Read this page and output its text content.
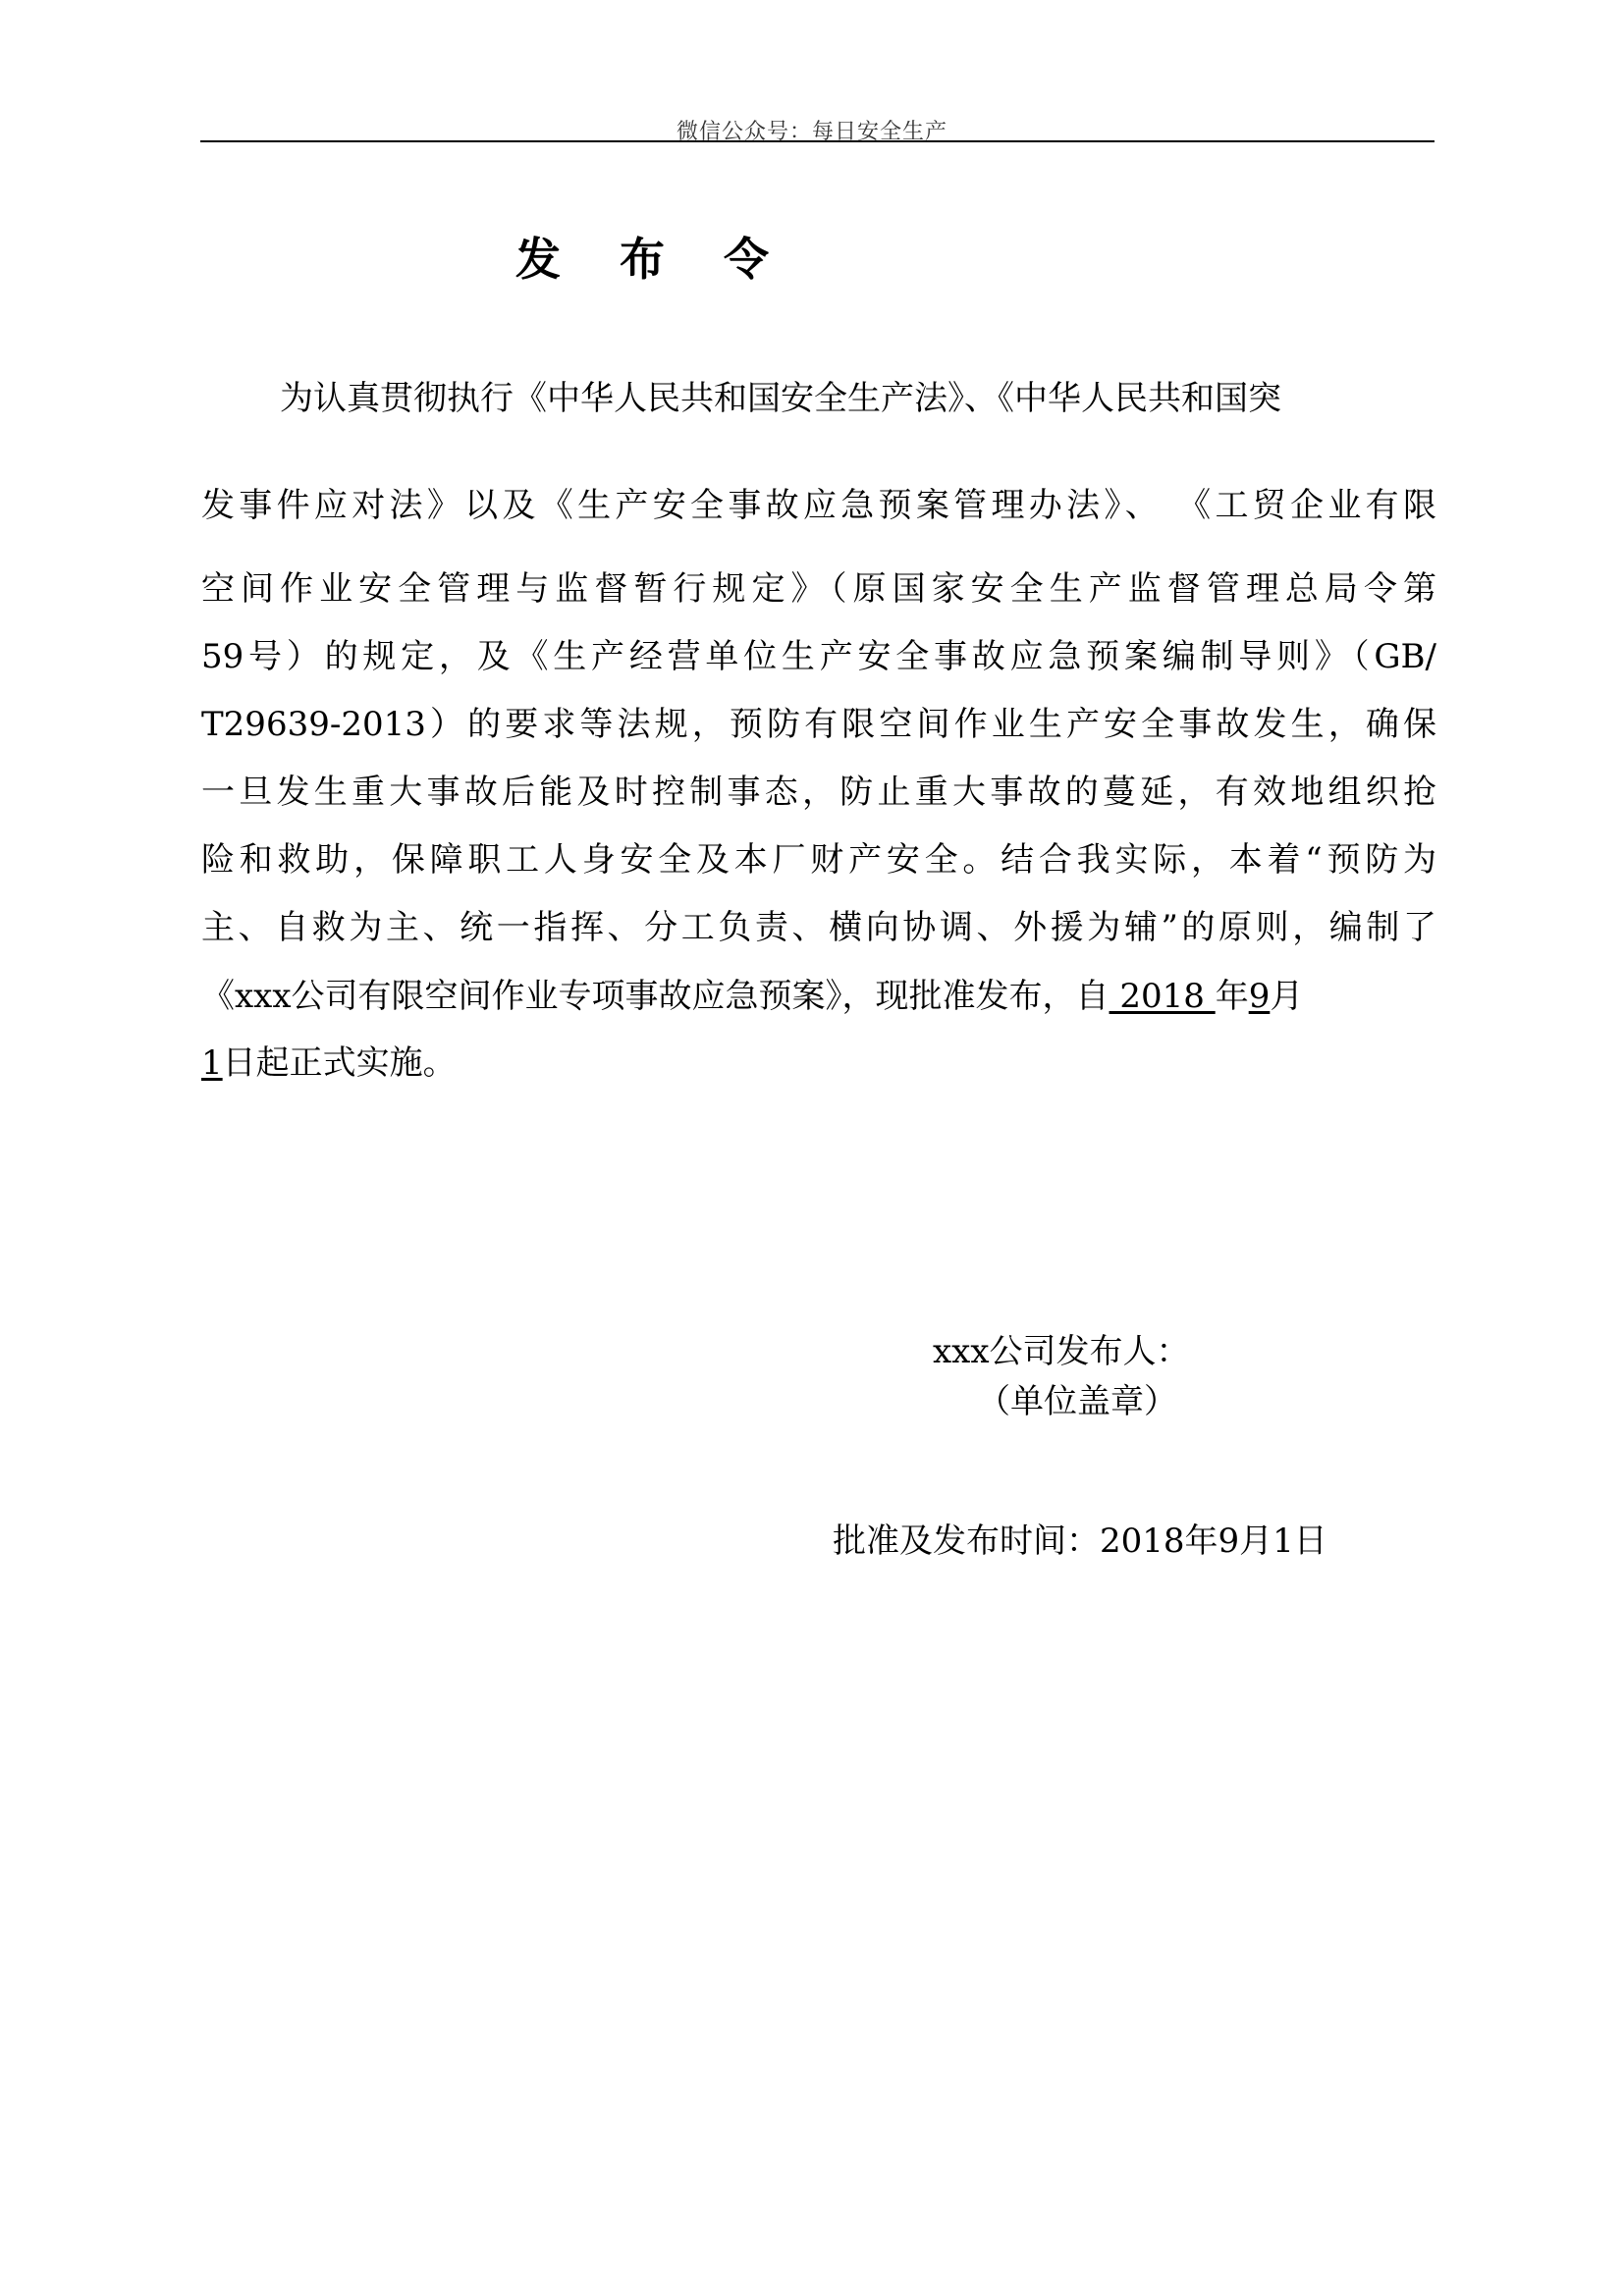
微信公众号：每日安全生产
发 布 令
为认真贯彻执行《中华人民共和国安全生产法》、《中华人民共和国突
发事件应对法》以及《生产安全事故应急预案管理办法》、 《工贸企业有限
空间作业安全管理与监督暂行规定》（原国家安全生产监督管理总局令第
59号）的规定，及《生产经营单位生产安全事故应急预案编制导则》（GB/
T29639-2013）的要求等法规，预防有限空间作业生产安全事故发生，确保
一旦发生重大事故后能及时控制事态，防止重大事故的蔓延，有效地组织抢
险和救助，保障职工人身安全及本厂财产安全。结合我实际，本着“预防为
主、自救为主、统一指挥、分工负责、横向协调、外援为辅”的原则，编制了
《xxx公司有限空间作业专项事故应急预案》，现批准发布，自 2018 年9月
1日起正式实施。
xxx公司发布人：
（单位盖章）
批准及发布时间：2018年9月1日
